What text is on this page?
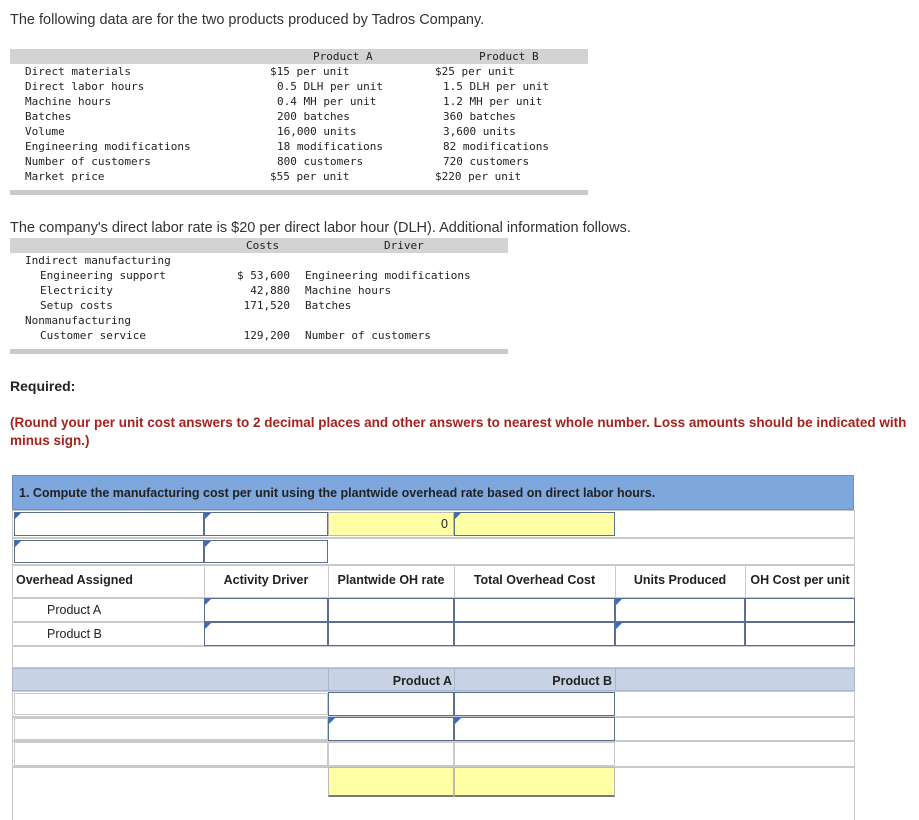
The following data are for the two products produced by Tadros Company.
Product A	Product B
Direct materials	$15 per unit	$25 per unit
Direct labor hours	0.5 DLH per unit	1.5 DLH per unit
Machine hours	0.4 MH per unit	1.2 MH per unit
Batches	200 batches	360 batches
Volume	16,000 units	3,600 units
Engineering modifications	18 modifications	82 modifications
Number of customers	800 customers	720 customers
Market price	$55 per unit	$220 per unit
The company's direct labor rate is $20 per direct labor hour (DLH). Additional information follows.
Costs	Driver
Indirect manufacturing
Engineering support	$ 53,600 Engineering modifications
Electricity	42,880 Machine hours
Setup costs	171,520 Batches
Nonmanufacturing
Customer service	129,200 Number of customers
Required:
(Round your per unit cost answers to 2 decimal places and other answers to nearest whole number. Loss amounts should be indicated with minus sign.)
1. Compute the manufacturing cost per unit using the plantwide overhead rate based on direct labor hours.
0
Overhead Assigned	Activity Driver	Plantwide OH rate	Total Overhead Cost	Units Produced	OH Cost per unit
Product A
Product B
Product A	Product B
